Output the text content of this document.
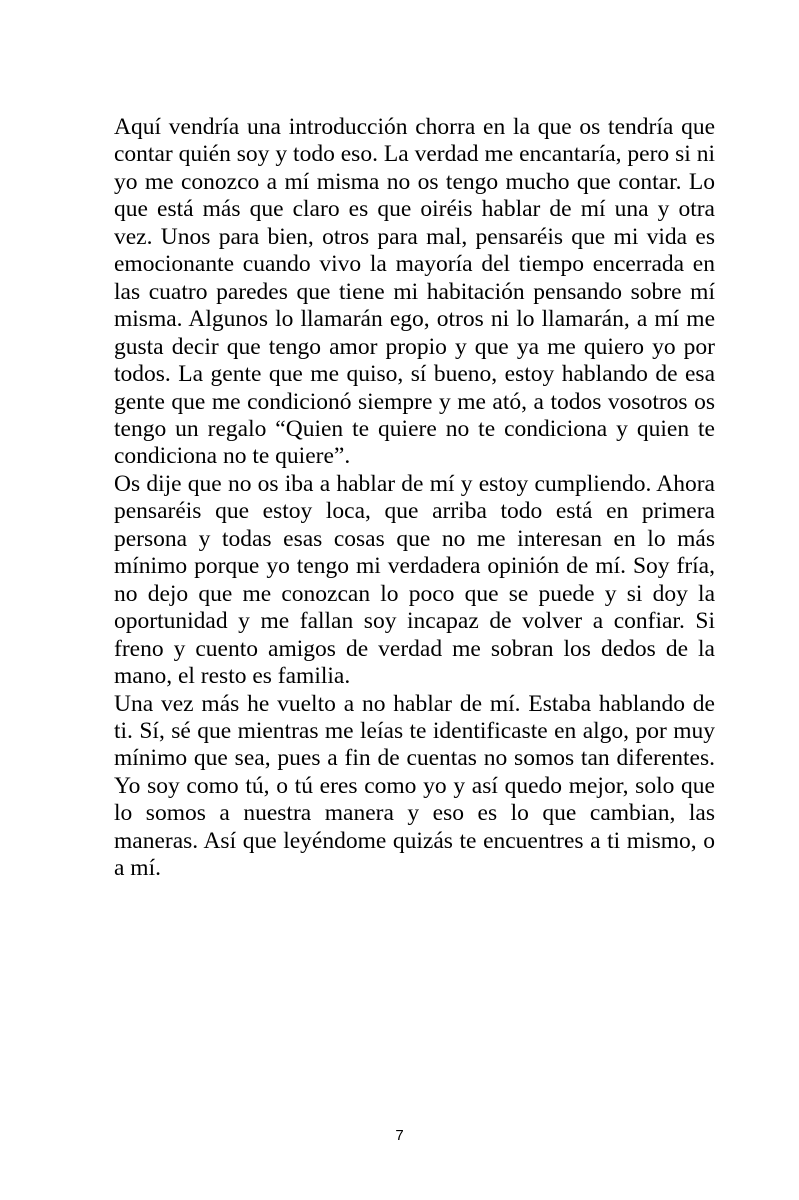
Aquí vendría una introducción chorra en la que os tendría que contar quién soy y todo eso. La verdad me encantaría, pero si ni yo me conozco a mí misma no os tengo mucho que contar. Lo que está más que claro es que oiréis hablar de mí una y otra vez. Unos para bien, otros para mal, pensaréis que mi vida es emocionante cuando vivo la mayoría del tiempo encerrada en las cuatro paredes que tiene mi habitación pensando sobre mí misma. Algunos lo llamarán ego, otros ni lo llamarán, a mí me gusta decir que tengo amor propio y que ya me quiero yo por todos. La gente que me quiso, sí bueno, estoy hablando de esa gente que me condicionó siempre y me ató, a todos vosotros os tengo un regalo “Quien te quiere no te condiciona y quien te condiciona no te quiere”.

Os dije que no os iba a hablar de mí y estoy cumpliendo. Ahora pensaréis que estoy loca, que arriba todo está en primera persona y todas esas cosas que no me interesan en lo más mínimo porque yo tengo mi verdadera opinión de mí. Soy fría, no dejo que me conozcan lo poco que se puede y si doy la oportunidad y me fallan soy incapaz de volver a confiar. Si freno y cuento amigos de verdad me sobran los dedos de la mano, el resto es familia.

Una vez más he vuelto a no hablar de mí. Estaba hablando de ti. Sí, sé que mientras me leías te identificaste en algo, por muy mínimo que sea, pues a fin de cuentas no somos tan diferentes. Yo soy como tú, o tú eres como yo y así quedo mejor, solo que lo somos a nuestra manera y eso es lo que cambian, las maneras. Así que leyéndome quizás te encuentres a ti mismo, o a mí.

7
